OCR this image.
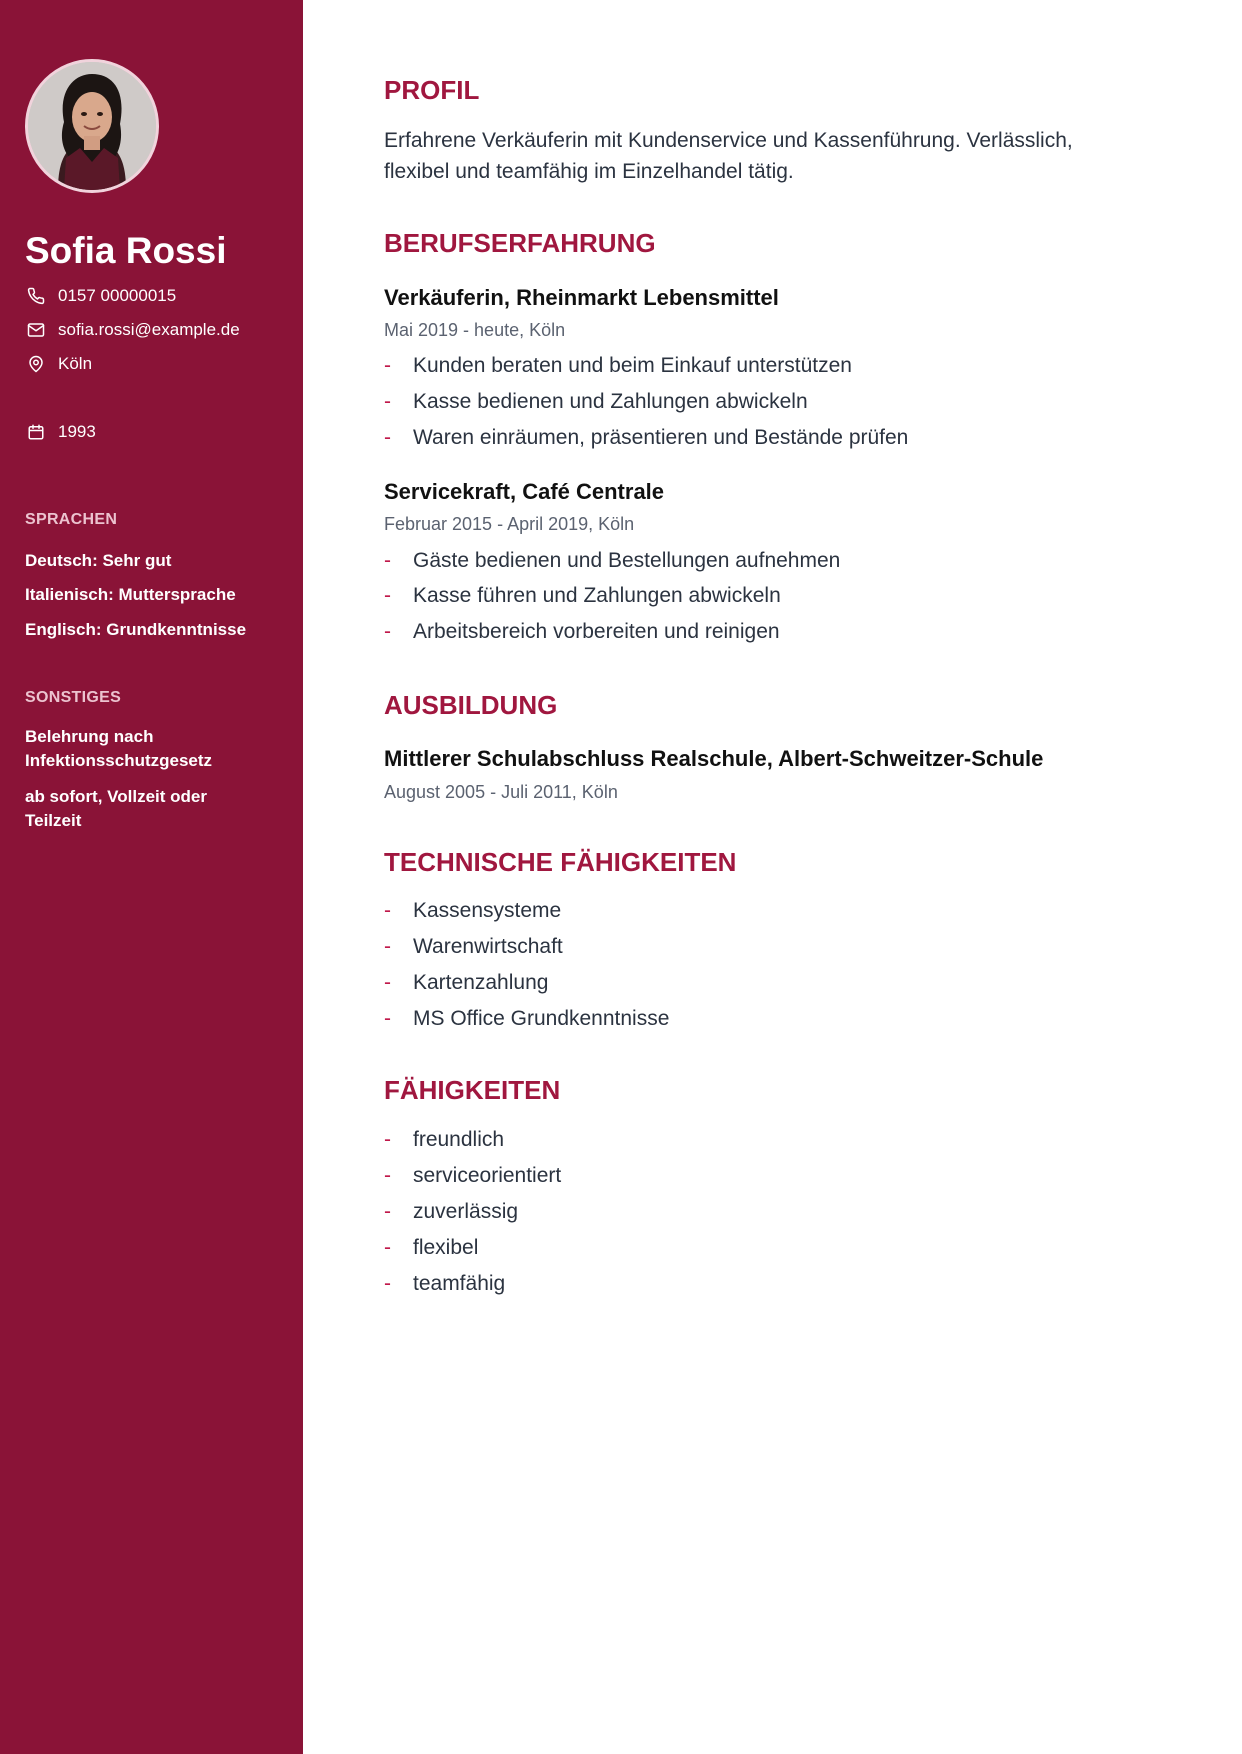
Sofia Rossi
0157 00000015
sofia.rossi@example.de
Köln
1993
SPRACHEN
Deutsch: Sehr gut
Italienisch: Muttersprache
Englisch: Grundkenntnisse
SONSTIGES
Belehrung nach
Infektionsschutzgesetz
ab sofort, Vollzeit oder
Teilzeit
PROFIL
Erfahrene Verkäuferin mit Kundenservice und Kassenführung. Verlässlich,
flexibel und teamfähig im Einzelhandel tätig.
BERUFSERFAHRUNG
Verkäuferin, Rheinmarkt Lebensmittel
Mai 2019 - heute, Köln
- Kunden beraten und beim Einkauf unterstützen
- Kasse bedienen und Zahlungen abwickeln
- Waren einräumen, präsentieren und Bestände prüfen
Servicekraft, Café Centrale
Februar 2015 - April 2019, Köln
- Gäste bedienen und Bestellungen aufnehmen
- Kasse führen und Zahlungen abwickeln
- Arbeitsbereich vorbereiten und reinigen
AUSBILDUNG
Mittlerer Schulabschluss Realschule, Albert-Schweitzer-Schule
August 2005 - Juli 2011, Köln
TECHNISCHE FÄHIGKEITEN
- Kassensysteme
- Warenwirtschaft
- Kartenzahlung
- MS Office Grundkenntnisse
FÄHIGKEITEN
- freundlich
- serviceorientiert
- zuverlässig
- flexibel
- teamfähig
